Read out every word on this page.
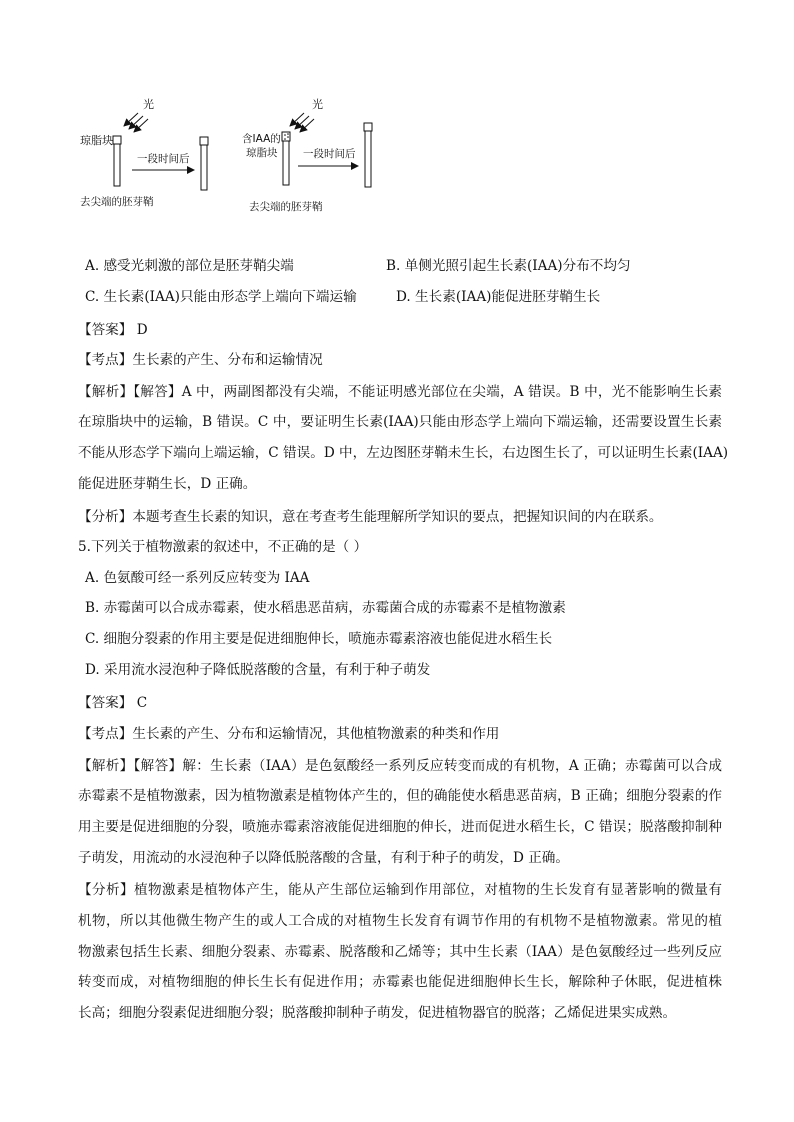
光
琼脂块
一段时间后
去尖端的胚芽鞘
光
含IAA的
琼脂块 一段时间后
去尖端的胚芽鞘
A. 感受光刺激的部位是胚芽鞘尖端	B. 单侧光照引起生长素(IAA)分布不均匀
C. 生长素(IAA)只能由形态学上端向下端运输	D. 生长素(IAA)能促进胚芽鞘生长
【答案】 D
【考点】生长素的产生、分布和运输情况
【解析】【解答】A 中，两副图都没有尖端，不能证明感光部位在尖端，A 错误。B 中，光不能影响生长素
在琼脂块中的运输，B 错误。C 中，要证明生长素(IAA)只能由形态学上端向下端运输，还需要设置生长素
不能从形态学下端向上端运输，C 错误。D 中，左边图胚芽鞘未生长，右边图生长了，可以证明生长素(IAA)
能促进胚芽鞘生长，D 正确。
【分析】本题考查生长素的知识，意在考查考生能理解所学知识的要点，把握知识间的内在联系。
5.下列关于植物激素的叙述中，不正确的是（ ）
A. 色氨酸可经一系列反应转变为 IAA
B. 赤霉菌可以合成赤霉素，使水稻患恶苗病，赤霉菌合成的赤霉素不是植物激素
C. 细胞分裂素的作用主要是促进细胞伸长，喷施赤霉素溶液也能促进水稻生长
D. 采用流水浸泡种子降低脱落酸的含量，有利于种子萌发
【答案】 C
【考点】生长素的产生、分布和运输情况，其他植物激素的种类和作用
【解析】【解答】解：生长素（IAA）是色氨酸经一系列反应转变而成的有机物，A 正确；赤霉菌可以合成
赤霉素不是植物激素，因为植物激素是植物体产生的，但的确能使水稻患恶苗病，B 正确；细胞分裂素的作
用主要是促进细胞的分裂，喷施赤霉素溶液能促进细胞的伸长，进而促进水稻生长，C 错误；脱落酸抑制种
子萌发，用流动的水浸泡种子以降低脱落酸的含量，有利于种子的萌发，D 正确。
【分析】植物激素是植物体产生，能从产生部位运输到作用部位，对植物的生长发育有显著影响的微量有
机物，所以其他微生物产生的或人工合成的对植物生长发育有调节作用的有机物不是植物激素。常见的植
物激素包括生长素、细胞分裂素、赤霉素、脱落酸和乙烯等；其中生长素（IAA）是色氨酸经过一些列反应
转变而成，对植物细胞的伸长生长有促进作用；赤霉素也能促进细胞伸长生长，解除种子休眠，促进植株
长高；细胞分裂素促进细胞分裂；脱落酸抑制种子萌发，促进植物器官的脱落；乙烯促进果实成熟。
